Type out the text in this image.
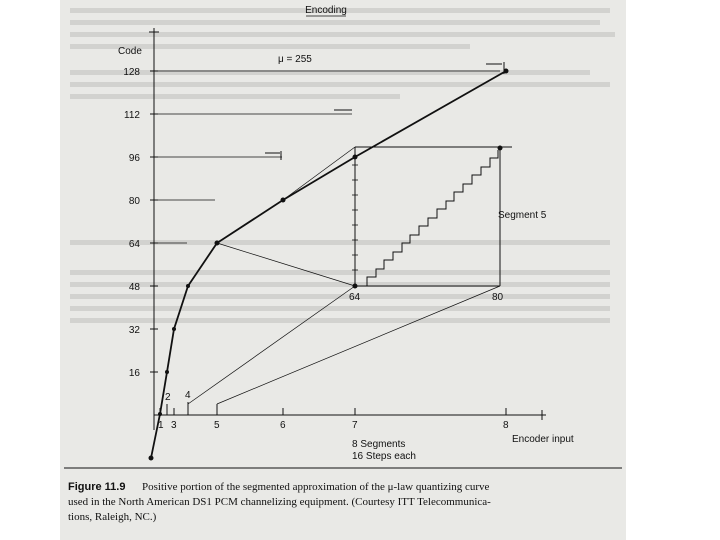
Encoding
Code
Encoder input
μ = 255
16
32
48
64
80
96
112
128
1
2
3
4
5	6	7	8
Segment 5
64	80
8 Segments
16 Steps each
Figure 11.9 Positive portion of the segmented approximation of the μ-law quantizing curve
used in the North American DS1 PCM channelizing equipment. (Courtesy ITT Telecommunica-
tions, Raleigh, NC.)
